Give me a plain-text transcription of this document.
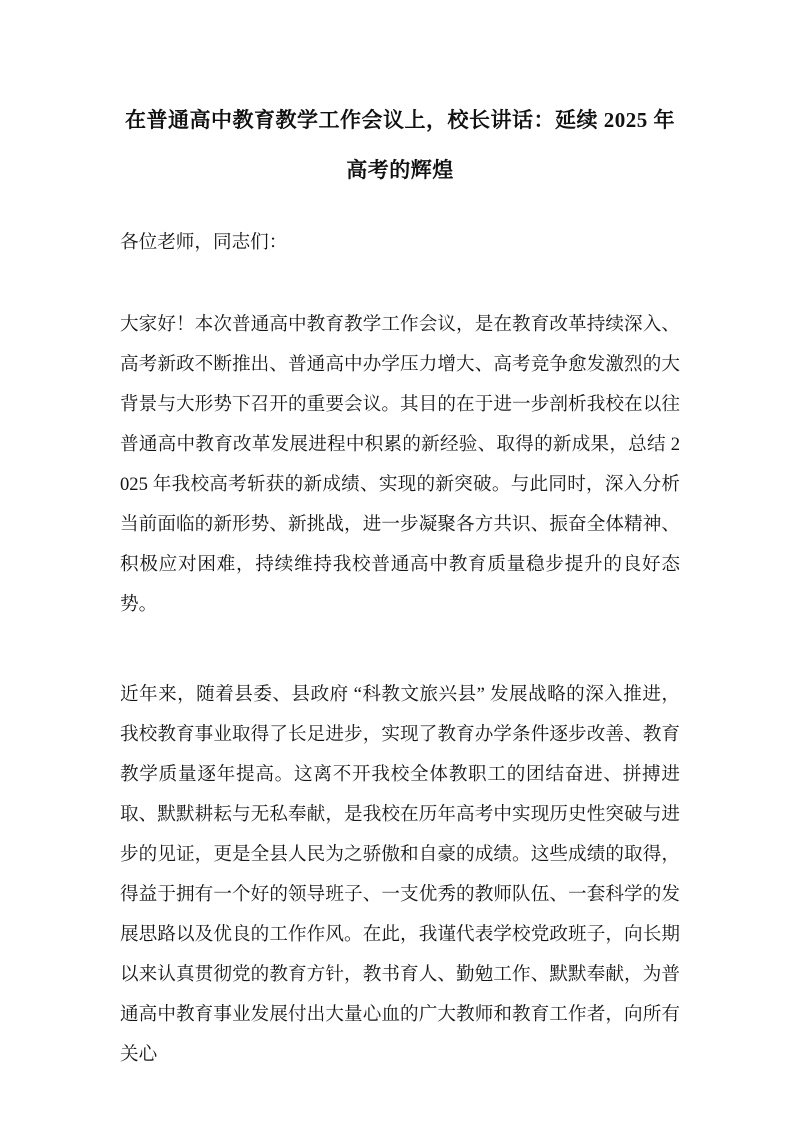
在普通高中教育教学工作会议上，校长讲话：延续 2025 年高考的辉煌

各位老师，同志们：

大家好！本次普通高中教育教学工作会议，是在教育改革持续深入、高考新政不断推出、普通高中办学压力增大、高考竞争愈发激烈的大背景与大形势下召开的重要会议。其目的在于进一步剖析我校在以往普通高中教育改革发展进程中积累的新经验、取得的新成果，总结 2025 年我校高考斩获的新成绩、实现的新突破。与此同时，深入分析当前面临的新形势、新挑战，进一步凝聚各方共识、振奋全体精神、积极应对困难，持续维持我校普通高中教育质量稳步提升的良好态势。

近年来，随着县委、县政府 “科教文旅兴县” 发展战略的深入推进，我校教育事业取得了长足进步，实现了教育办学条件逐步改善、教育教学质量逐年提高。这离不开我校全体教职工的团结奋进、拼搏进取、默默耕耘与无私奉献，是我校在历年高考中实现历史性突破与进步的见证，更是全县人民为之骄傲和自豪的成绩。这些成绩的取得，得益于拥有一个好的领导班子、一支优秀的教师队伍、一套科学的发展思路以及优良的工作作风。在此，我谨代表学校党政班子，向长期以来认真贯彻党的教育方针，教书育人、勤勉工作、默默奉献，为普通高中教育事业发展付出大量心血的广大教师和教育工作者，向所有关心
